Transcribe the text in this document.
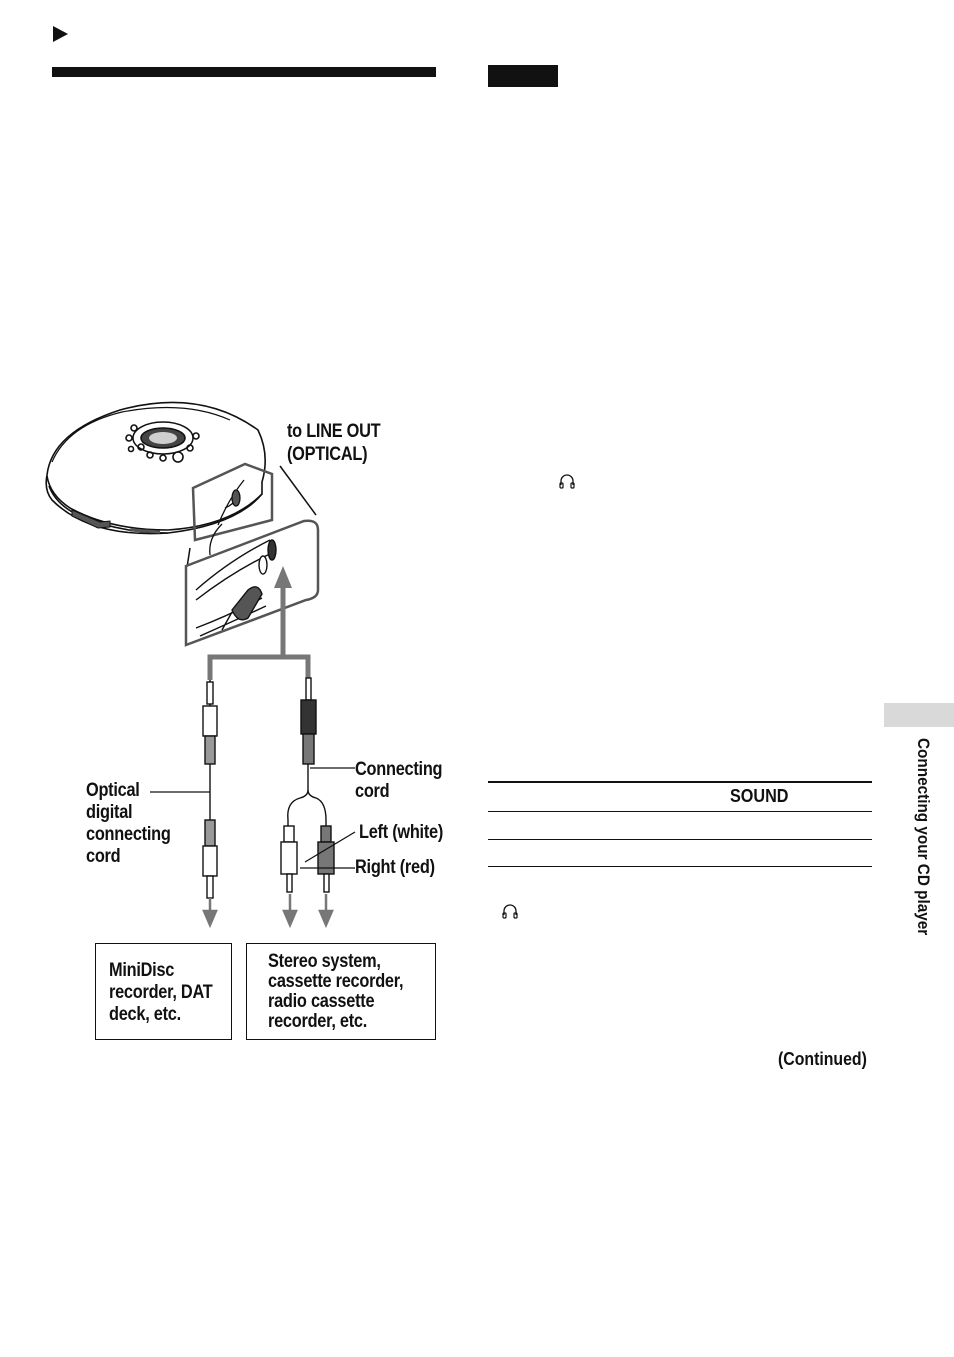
Connecting your CD player
SOUND
(Continued)
to LINE OUT
(OPTICAL)
Optical
digital
connecting
cord
Connecting
cord
Left (white)
Right (red)
MiniDisc
recorder, DAT
deck, etc.
Stereo system,
cassette recorder,
radio cassette
recorder, etc.
